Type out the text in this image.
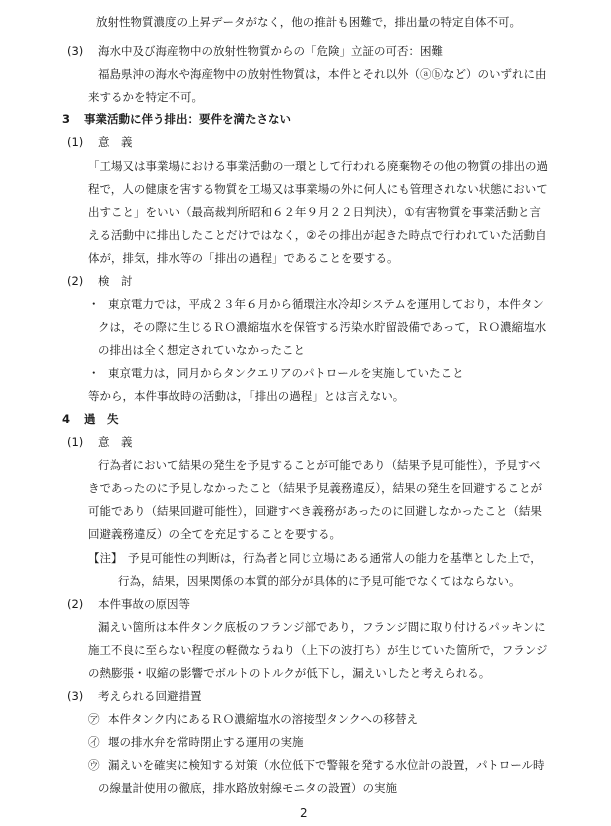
放射性物質濃度の上昇データがなく，他の推計も困難で，排出量の特定自体不可。
(3) 海水中及び海産物中の放射性物質からの「危険」立証の可否：困難
福島県沖の海水や海産物中の放射性物質は，本件とそれ以外（ⓐⓑなど）のいずれに由
来するかを特定不可。
3 事業活動に伴う排出：要件を満たさない
(1) 意　義
「工場又は事業場における事業活動の一環として行われる廃棄物その他の物質の排出の過
程で，人の健康を害する物質を工場又は事業場の外に何人にも管理されない状態において
出すこと」をいい（最高裁判所昭和６２年９月２２日判決），①有害物質を事業活動と言
える活動中に排出したことだけではなく，②その排出が起きた時点で行われていた活動自
体が，排気，排水等の「排出の過程」であることを要する。
(2) 検　討
・ 東京電力では，平成２３年６月から循環注水冷却システムを運用しており，本件タン
クは，その際に生じるＲＯ濃縮塩水を保管する汚染水貯留設備であって，ＲＯ濃縮塩水
の排出は全く想定されていなかったこと
・ 東京電力は，同月からタンクエリアのパトロールを実施していたこと
等から，本件事故時の活動は，「排出の過程」とは言えない。
4 過　失
(1) 意　義
行為者において結果の発生を予見することが可能であり（結果予見可能性），予見すべ
きであったのに予見しなかったこと（結果予見義務違反），結果の発生を回避することが
可能であり（結果回避可能性），回避すべき義務があったのに回避しなかったこと（結果
回避義務違反）の全てを充足することを要する。
【注】 予見可能性の判断は，行為者と同じ立場にある通常人の能力を基準とした上で，
行為，結果，因果関係の本質的部分が具体的に予見可能でなくてはならない。
(2) 本件事故の原因等
漏えい箇所は本件タンク底板のフランジ部であり，フランジ間に取り付けるパッキンに
施工不良に至らない程度の軽微なうねり（上下の波打ち）が生じていた箇所で，フランジ
の熱膨張・収縮の影響でボルトのトルクが低下し，漏えいしたと考えられる。
(3) 考えられる回避措置
㋐ 本件タンク内にあるＲＯ濃縮塩水の溶接型タンクへの移替え
㋑ 堰の排水弁を常時閉止する運用の実施
㋒ 漏えいを確実に検知する対策（水位低下で警報を発する水位計の設置，パトロール時
の線量計使用の徹底，排水路放射線モニタの設置）の実施
2
